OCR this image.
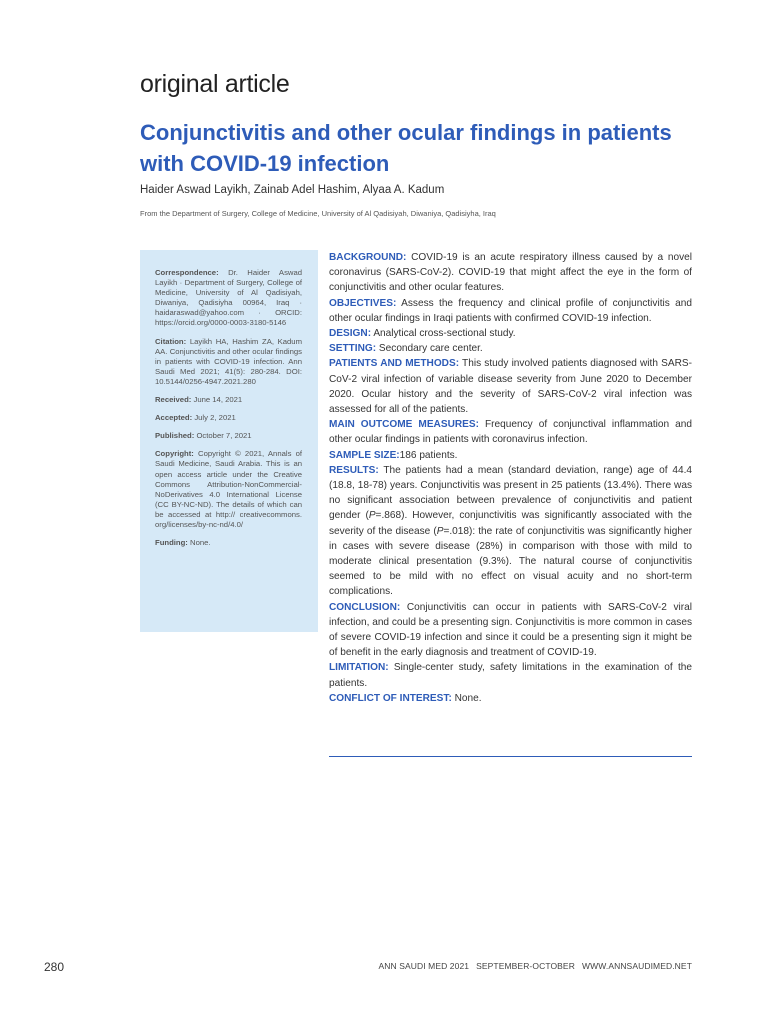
original article
Conjunctivitis and other ocular findings in patients with COVID-19 infection
Haider Aswad Layikh, Zainab Adel Hashim, Alyaa A. Kadum
From the Department of Surgery, College of Medicine, University of Al Qadisiyah, Diwaniya, Qadisiyha, Iraq

Correspondence: Dr. Haider Aswad Layikh · Department of Surgery, College of Medicine, University of Al Qadisiyah, Diwaniya, Qadisiyha 00964, Iraq · haidaraswad@yahoo.com · ORCID: https://orcid.org/0000-0003-3180-5146

Citation: Layikh HA, Hashim ZA, Kadum AA. Conjunctivitis and other ocular findings in patients with COVID-19 infection. Ann Saudi Med 2021; 41(5): 280-284. DOI: 10.5144/0256-4947.2021.280

Received: June 14, 2021

Accepted: July 2, 2021

Published: October 7, 2021

Copyright: Copyright © 2021, Annals of Saudi Medicine, Saudi Arabia. This is an open access article under the Creative Commons Attribution-NonCommercial-NoDerivatives 4.0 International License (CC BY-NC-ND). The details of which can be accessed at http:// creativecommons. org/licenses/by-nc-nd/4.0/

Funding: None.

BACKGROUND: COVID-19 is an acute respiratory illness caused by a novel coronavirus (SARS-CoV-2). COVID-19 that might affect the eye in the form of conjunctivitis and other ocular features.

OBJECTIVES: Assess the frequency and clinical profile of conjunctivitis and other ocular findings in Iraqi patients with confirmed COVID-19 infection.

DESIGN: Analytical cross-sectional study.

SETTING: Secondary care center.

PATIENTS AND METHODS: This study involved patients diagnosed with SARS-CoV-2 viral infection of variable disease severity from June 2020 to December 2020. Ocular history and the severity of SARS-CoV-2 viral infection was assessed for all of the patients.

MAIN OUTCOME MEASURES: Frequency of conjunctival inflammation and other ocular findings in patients with coronavirus infection.

SAMPLE SIZE:186 patients.

RESULTS: The patients had a mean (standard deviation, range) age of 44.4 (18.8, 18-78) years. Conjunctivitis was present in 25 patients (13.4%). There was no significant association between prevalence of conjunctivitis and patient gender (P=.868). However, conjunctivitis was significantly associated with the severity of the disease (P=.018): the rate of conjunctivitis was significantly higher in cases with severe disease (28%) in comparison with those with mild to moderate clinical presentation (9.3%). The natural course of conjunctivitis seemed to be mild with no effect on visual acuity and no short-term complications.

CONCLUSION: Conjunctivitis can occur in patients with SARS-CoV-2 viral infection, and could be a presenting sign. Conjunctivitis is more common in cases of severe COVID-19 infection and since it could be a presenting sign it might be of benefit in the early diagnosis and treatment of COVID-19.

LIMITATION: Single-center study, safety limitations in the examination of the patients.

CONFLICT OF INTEREST: None.

280	ANN SAUDI MED 2021 SEPTEMBER-OCTOBER WWW.ANNSAUDIMED.NET
